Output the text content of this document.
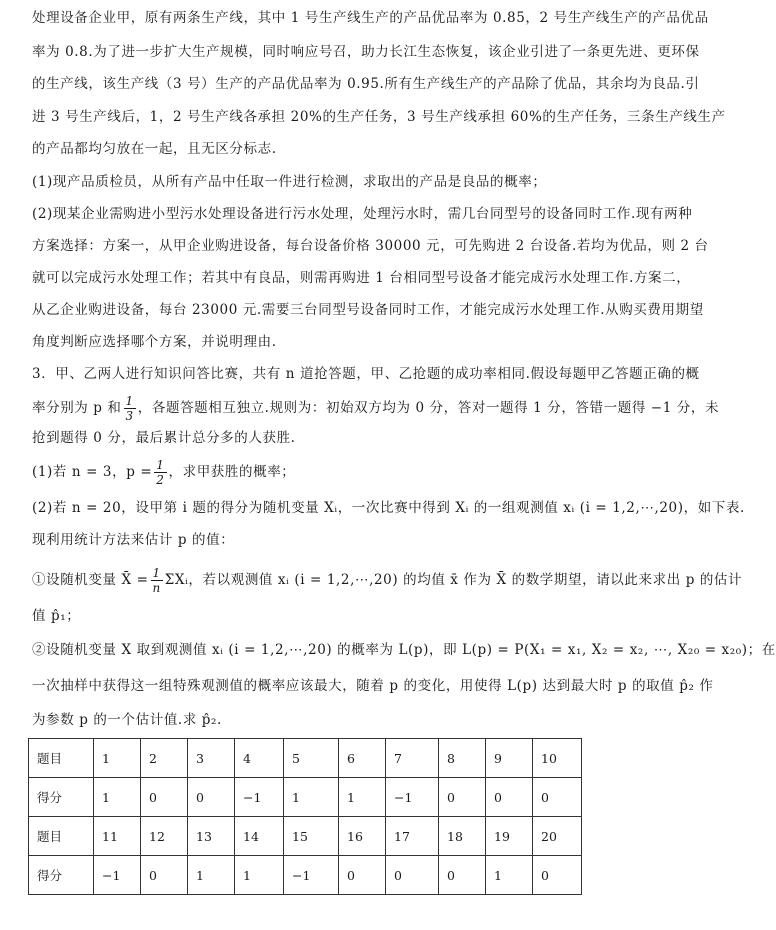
处理设备企业甲，原有两条生产线，其中 1 号生产线生产的产品优品率为 0.85，2 号生产线生产的产品优品
率为 0.8.为了进一步扩大生产规模，同时响应号召，助力长江生态恢复，该企业引进了一条更先进、更环保
的生产线，该生产线（3 号）生产的产品优品率为 0.95.所有生产线生产的产品除了优品，其余均为良品.引
进 3 号生产线后，1，2 号生产线各承担 20%的生产任务，3 号生产线承担 60%的生产任务，三条生产线生产
的产品都均匀放在一起，且无区分标志.
(1)现产品质检员，从所有产品中任取一件进行检测，求取出的产品是良品的概率；
(2)现某企业需购进小型污水处理设备进行污水处理，处理污水时，需几台同型号的设备同时工作.现有两种
方案选择：方案一，从甲企业购进设备，每台设备价格 30000 元，可先购进 2 台设备.若均为优品，则 2 台
就可以完成污水处理工作；若其中有良品，则需再购进 1 台相同型号设备才能完成污水处理工作.方案二，
从乙企业购进设备，每台 23000 元.需要三台同型号设备同时工作，才能完成污水处理工作.从购买费用期望
角度判断应选择哪个方案，并说明理由.
3．甲、乙两人进行知识问答比赛，共有 n 道抢答题，甲、乙抢题的成功率相同.假设每题甲乙答题正确的概
率分别为 p 和 $\frac{1}{3}$ ，各题答题相互独立.规则为：初始双方均为 0 分，答对一题得 1 分，答错一题得 −1 分，未
抢到题得 0 分，最后累计总分多的人获胜.
(1)若 n = 3，$p = \frac{1}{2}$ ，求甲获胜的概率；
(2)若 n = 20，设甲第 i 题的得分为随机变量 Xᵢ，一次比赛中得到 Xᵢ 的一组观测值 xᵢ (i = 1,2,⋯,20)，如下表.
现利用统计方法来估计 p 的值：
①设随机变量 X̄ = $\frac{1}{n}$ ΣXᵢ，若以观测值 xᵢ (i = 1,2,⋯,20) 的均值 x̄ 作为 X̄ 的数学期望，请以此来求出 p 的估计
值 p̂₁；
②设随机变量 X 取到观测值 xᵢ (i = 1,2,⋯,20) 的概率为 L(p)，即 L(p) = P(X₁ = x₁, X₂ = x₂, ⋯, X₂₀ = x₂₀)；在
一次抽样中获得这一组特殊观测值的概率应该最大，随着 p 的变化，用使得 L(p) 达到最大时 p 的取值 p̂₂ 作
为参数 p 的一个估计值.求 p̂₂.
题目	1	2	3	4	5	6	7	8	9	10
得分	1	0	0	−1	1	1	−1	0	0	0
题目	11	12	13	14	15	16	17	18	19	20
得分	−1	0	1	1	−1	0	0	0	1	0
